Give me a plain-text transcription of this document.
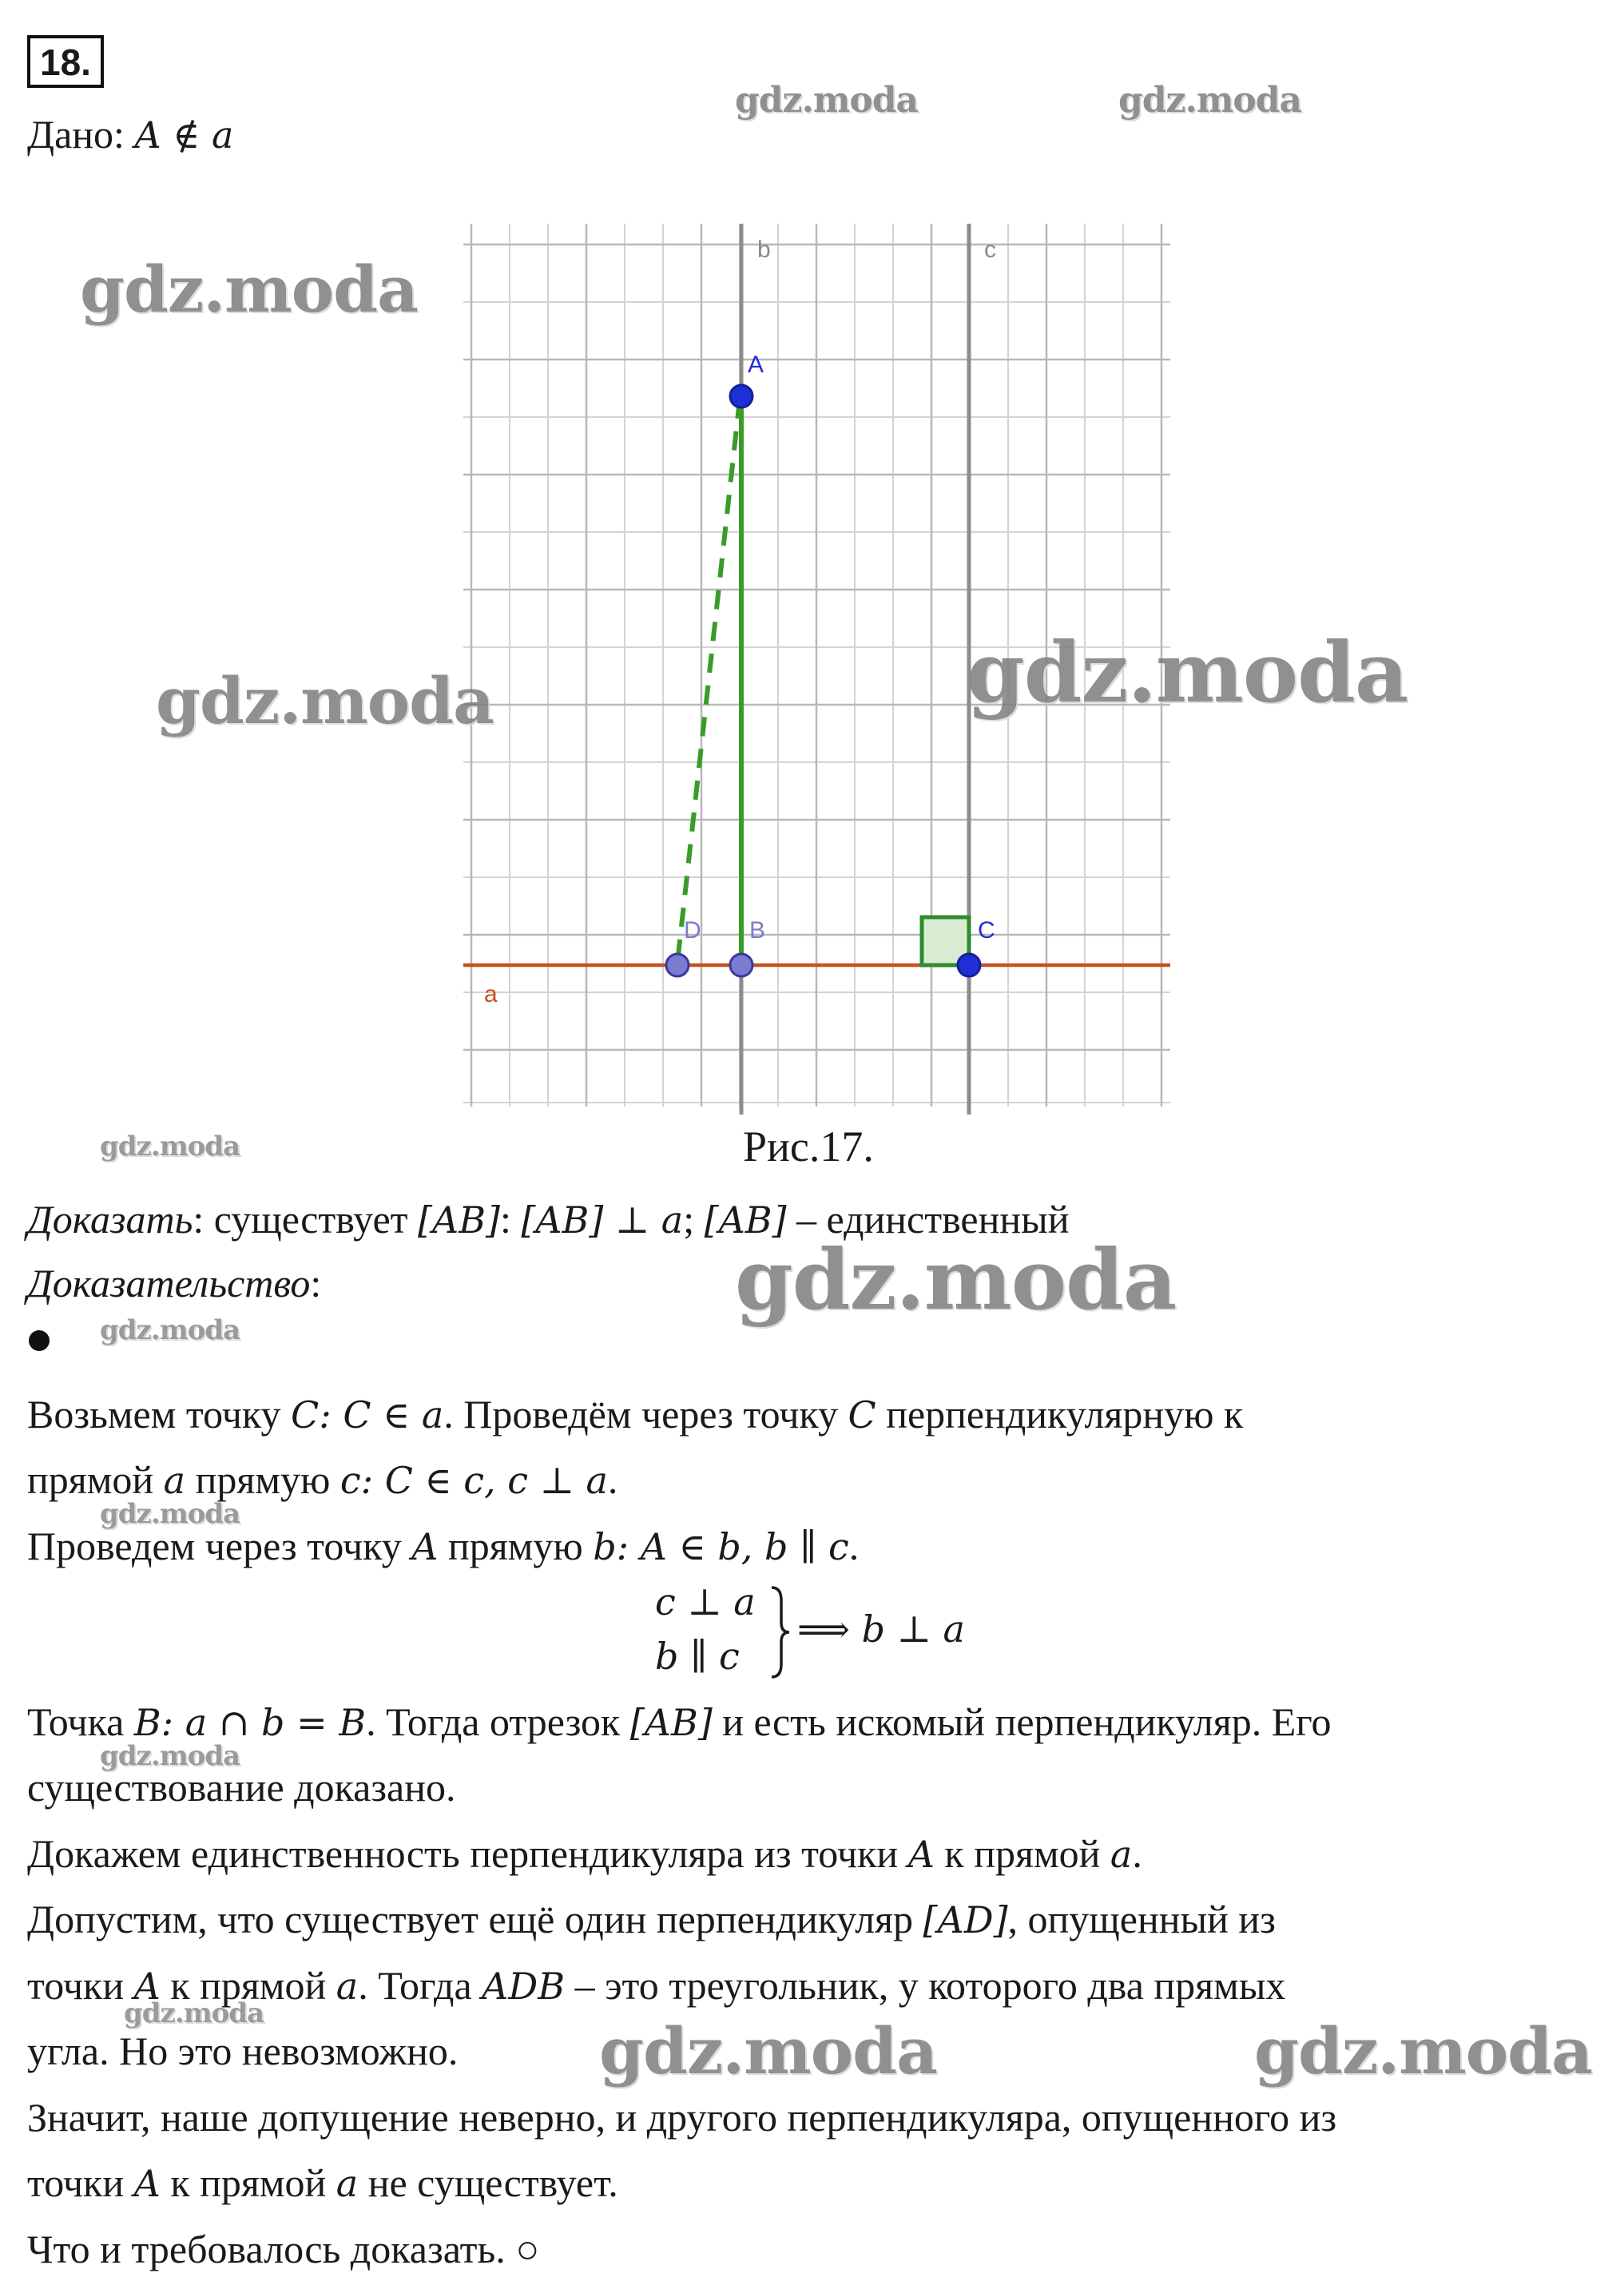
18.
Дано: A ∉ a
b	c
a
A
B
D	C
Рис.17.
Доказать: существует [AB]: [AB] ⊥ a; [AB] – единственный
Доказательство:
Возьмем точку C: C ∈ a. Проведём через точку C перпендикулярную к
прямой a прямую c: C ∈ c, c ⊥ a.
Проведем через точку A прямую b: A ∈ b, b ∥ c.
c ⊥ a
b ∥ c
⟹ b ⊥ a
Точка B: a ∩ b = B. Тогда отрезок [AB] и есть искомый перпендикуляр. Его
существование доказано.
Докажем единственность перпендикуляра из точки A к прямой a.
Допустим, что существует ещё один перпендикуляр [AD], опущенный из
точки A к прямой a. Тогда ADB – это треугольник, у которого два прямых
угла. Но это невозможно.
Значит, наше допущение неверно, и другого перпендикуляра, опущенного из
точки A к прямой a не существует.
Что и требовалось доказать. ○
gdz.moda	gdz.moda
gdz.moda
gdz.moda	gdz.moda
gdz.moda
gdz.moda
gdz.moda
gdz.moda
gdz.moda
gdz.moda	gdz.moda	gdz.moda
